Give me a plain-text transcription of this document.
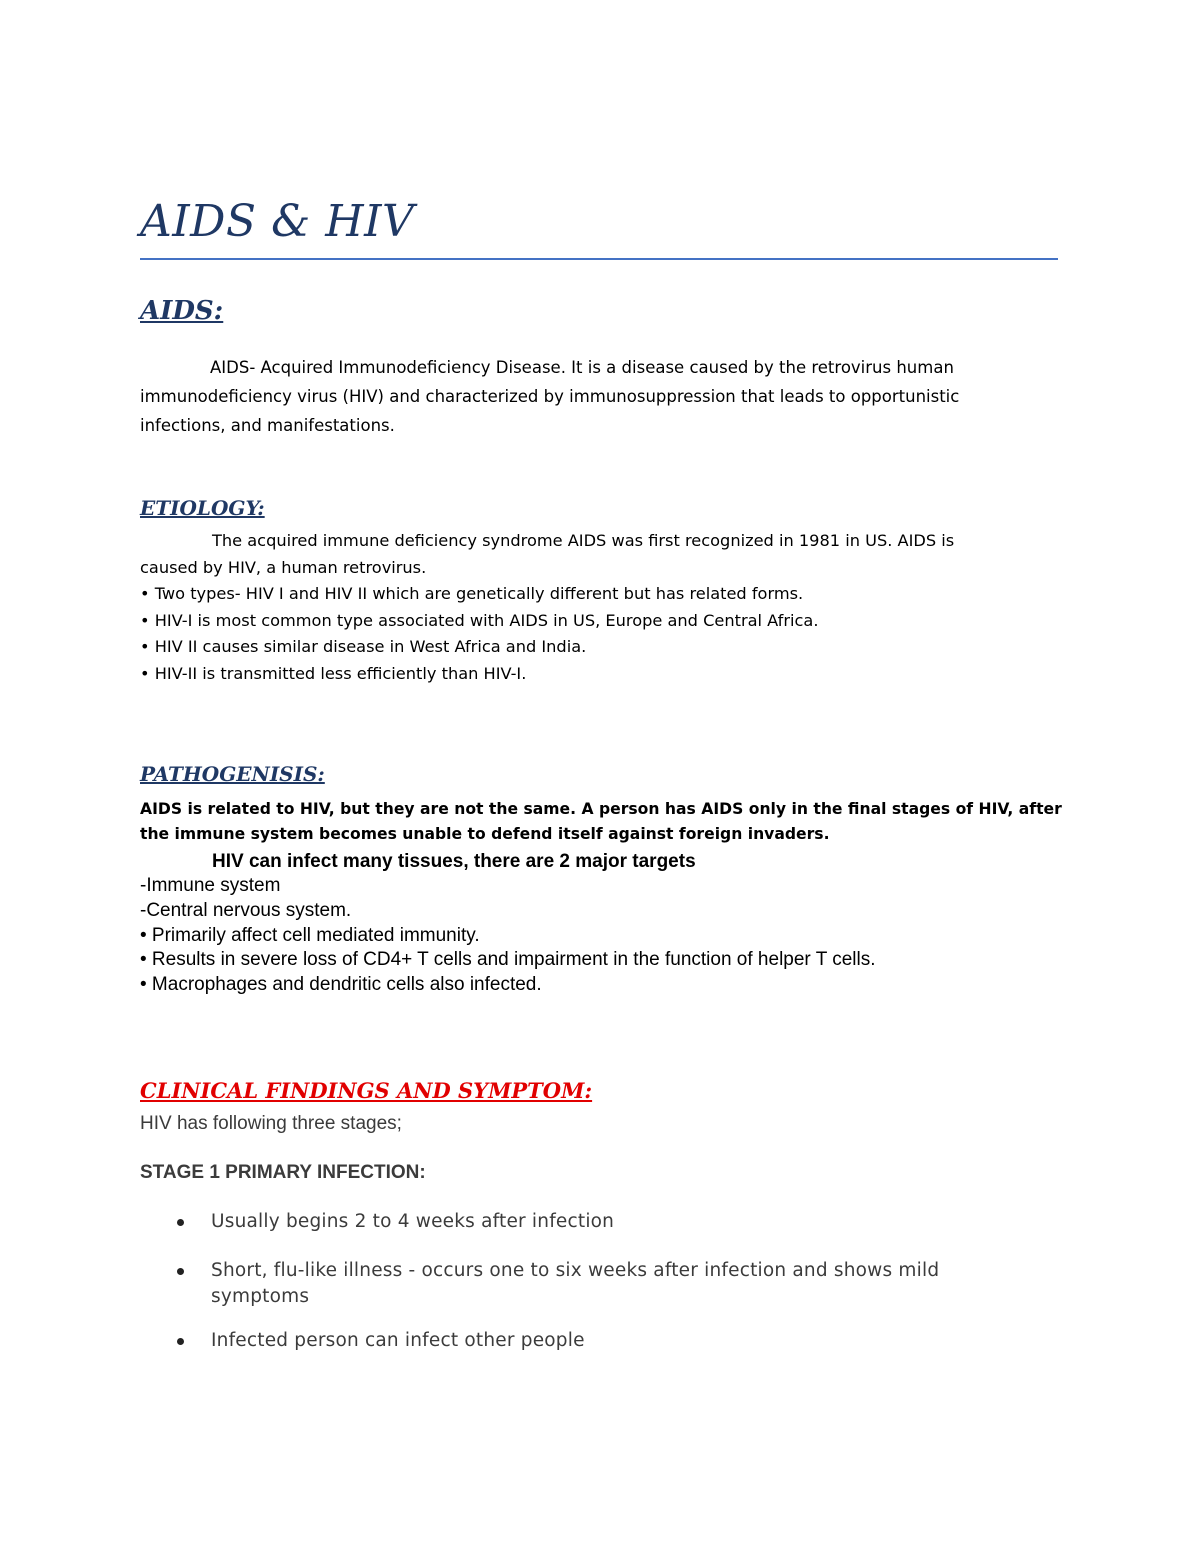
AIDS & HIV
AIDS:
AIDS- Acquired Immunodeficiency Disease. It is a disease caused by the retrovirus human
immunodeficiency virus (HIV) and characterized by immunosuppression that leads to opportunistic
infections, and manifestations.
ETIOLOGY:
The acquired immune deficiency syndrome AIDS was first recognized in 1981 in US. AIDS is
caused by HIV, a human retrovirus.
• Two types- HIV I and HIV II which are genetically different but has related forms.
• HIV-I is most common type associated with AIDS in US, Europe and Central Africa.
• HIV II causes similar disease in West Africa and India.
• HIV-II is transmitted less efficiently than HIV-I.
PATHOGENISIS:
AIDS is related to HIV, but they are not the same. A person has AIDS only in the final stages of HIV, after
the immune system becomes unable to defend itself against foreign invaders.
HIV can infect many tissues, there are 2 major targets
-Immune system
-Central nervous system.
• Primarily affect cell mediated immunity.
• Results in severe loss of CD4+ T cells and impairment in the function of helper T cells.
• Macrophages and dendritic cells also infected.
CLINICAL FINDINGS AND SYMPTOM:
HIV has following three stages;
STAGE 1 PRIMARY INFECTION:
Usually begins 2 to 4 weeks after infection
Short, flu-like illness - occurs one to six weeks after infection and shows mild
symptoms
Infected person can infect other people
